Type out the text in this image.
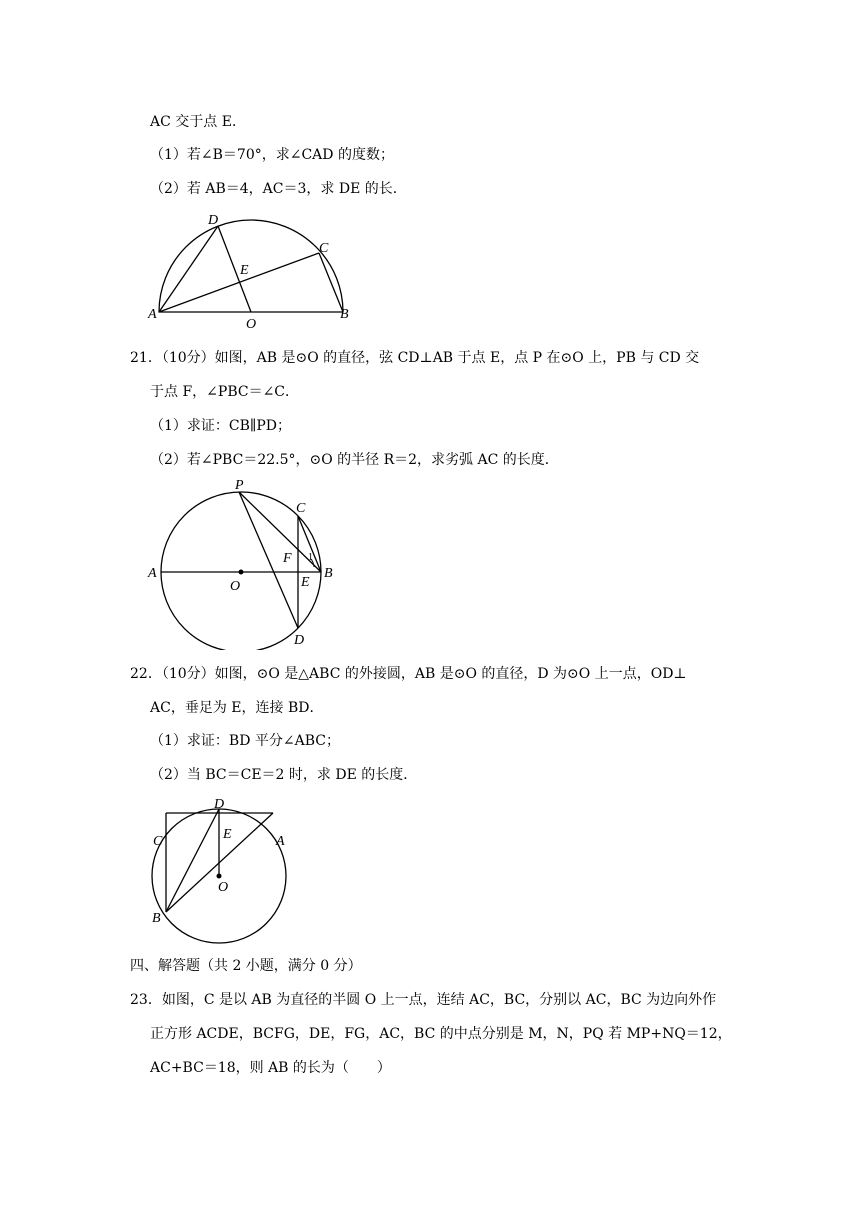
AC 交于点 E．
（1）若∠B＝70°，求∠CAD 的度数；
（2）若 AB＝4，AC＝3，求 DE 的长．
D
C
E
A
O
B
21．（10分）如图，AB 是⊙O 的直径，弦 CD⊥AB 于点 E，点 P 在⊙O 上，PB 与 CD 交
于点 F，∠PBC＝∠C．
（1）求证：CB∥PD；
（2）若∠PBC＝22.5°，⊙O 的半径 R＝2，求劣弧 AC 的长度．
P
C
A
O
F
E
B
D
1
22．（10分）如图，⊙O 是△ABC 的外接圆，AB 是⊙O 的直径，D 为⊙O 上一点，OD⊥
AC，垂足为 E，连接 BD．
（1）求证：BD 平分∠ABC；
（2）当 BC＝CE＝2 时，求 DE 的长度．
D
E
C	A
O
B
四、解答题（共 2 小题，满分 0 分）
23．如图，C 是以 AB 为直径的半圆 O 上一点，连结 AC，BC，分别以 AC，BC 为边向外作
正方形 ACDE，BCFG，DE，FG，AC，BC 的中点分别是 M，N，PQ 若 MP+NQ＝12，
AC+BC＝18，则 AB 的长为（　　）
